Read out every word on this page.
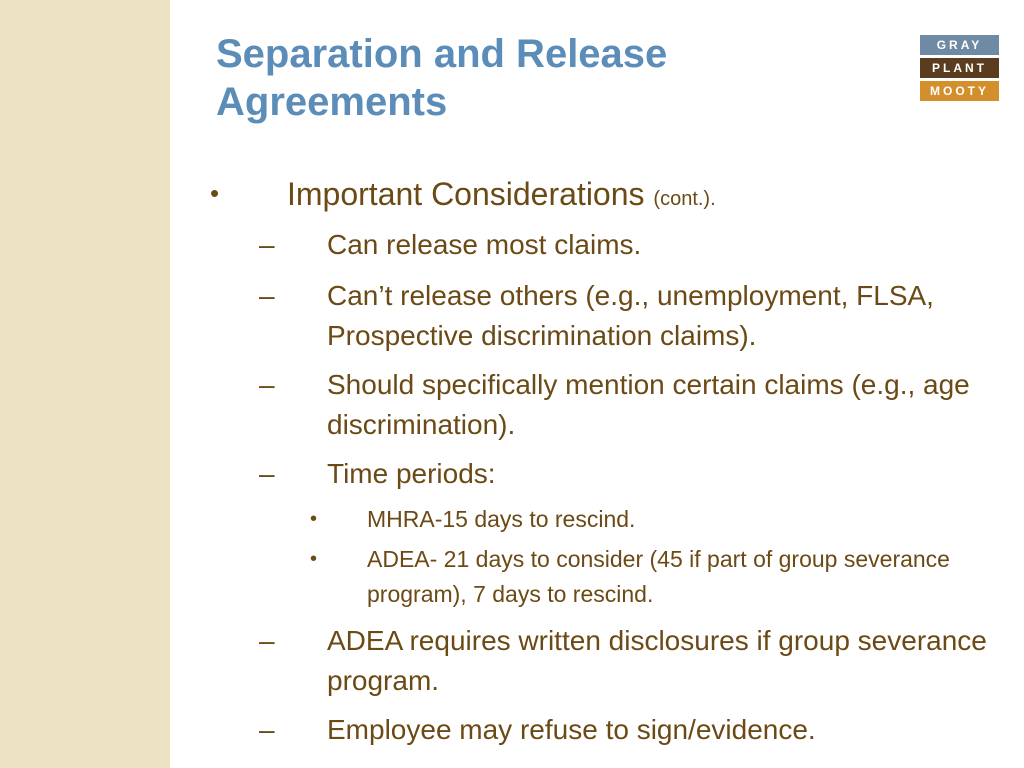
Separation and Release Agreements
GRAY
PLANT
MOOTY
• Important Considerations (cont.).
– Can release most claims.
– Can’t release others (e.g., unemployment, FLSA, Prospective discrimination claims).
– Should specifically mention certain claims (e.g., age discrimination).
– Time periods:
• MHRA-15 days to rescind.
• ADEA- 21 days to consider (45 if part of group severance program), 7 days to rescind.
– ADEA requires written disclosures if group severance program.
– Employee may refuse to sign/evidence.
